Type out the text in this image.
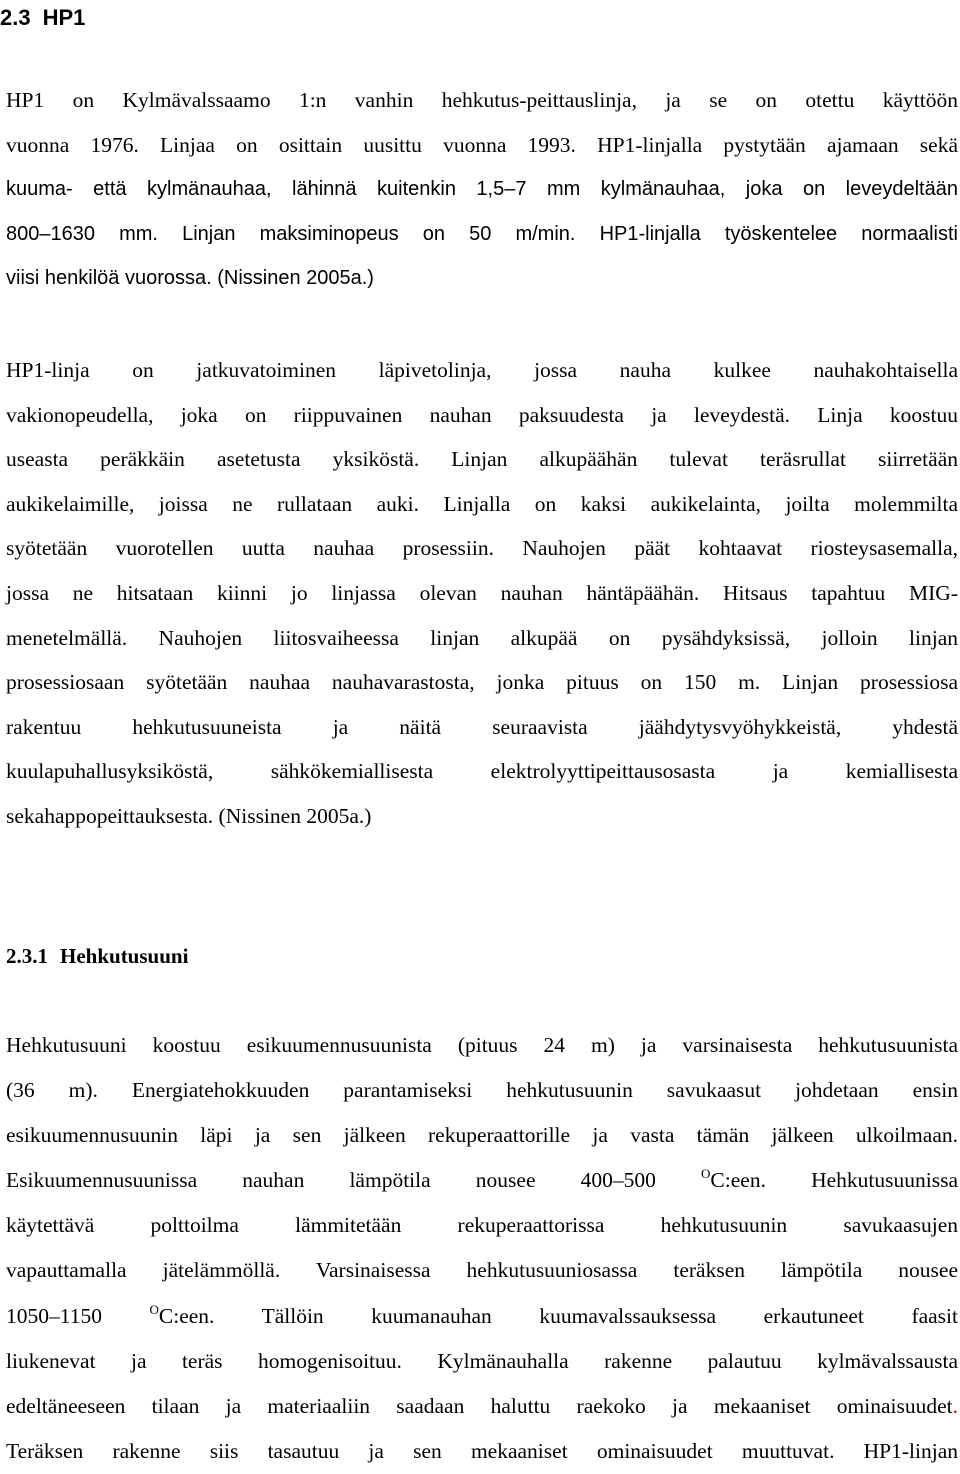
2.3 HP1
HP1 on Kylmävalssaamo 1:n vanhin hehkutus-peittauslinja, ja se on otettu käyttöön
vuonna 1976. Linjaa on osittain uusittu vuonna 1993. HP1-linjalla pystytään ajamaan sekä
kuuma- että kylmänauhaa, lähinnä kuitenkin 1,5‒7 mm kylmänauhaa, joka on leveydeltään
800‒1630 mm. Linjan maksiminopeus on 50 m/min. HP1-linjalla työskentelee normaalisti
viisi henkilöä vuorossa. (Nissinen 2005a.)
HP1-linja on jatkuvatoiminen läpivetolinja, jossa nauha kulkee nauhakohtaisella
vakionopeudella, joka on riippuvainen nauhan paksuudesta ja leveydestä. Linja koostuu
useasta peräkkäin asetetusta yksiköstä. Linjan alkupäähän tulevat teräsrullat siirretään
aukikelaimille, joissa ne rullataan auki. Linjalla on kaksi aukikelainta, joilta molemmilta
syötetään vuorotellen uutta nauhaa prosessiin. Nauhojen päät kohtaavat riosteysasemalla,
jossa ne hitsataan kiinni jo linjassa olevan nauhan häntäpäähän. Hitsaus tapahtuu MIG-
menetelmällä. Nauhojen liitosvaiheessa linjan alkupää on pysähdyksissä, jolloin linjan
prosessiosaan syötetään nauhaa nauhavarastosta, jonka pituus on 150 m. Linjan prosessiosa
rakentuu hehkutusuuneista ja näitä seuraavista jäähdytysvyöhykkeistä, yhdestä
kuulapuhallusyksiköstä, sähkökemiallisesta elektrolyyttipeittausosasta ja kemiallisesta
sekahappopeittauksesta. (Nissinen 2005a.)
2.3.1 Hehkutusuuni
Hehkutusuuni koostuu esikuumennusuunista (pituus 24 m) ja varsinaisesta hehkutusuunista
(36 m). Energiatehokkuuden parantamiseksi hehkutusuunin savukaasut johdetaan ensin
esikuumennusuunin läpi ja sen jälkeen rekuperaattorille ja vasta tämän jälkeen ulkoilmaan.
Esikuumennusuunissa nauhan lämpötila nousee 400‒500	$^O$C:een. Hehkutusuunissa
käytettävä polttoilma lämmitetään rekuperaattorissa hehkutusuunin savukaasujen
vapauttamalla jätelämmöllä. Varsinaisessa hehkutusuuniosassa teräksen lämpötila nousee
1050‒1150	$^O$C:een. Tällöin kuumanauhan kuumavalssauksessa erkautuneet faasit
liukenevat ja teräs homogenisoituu. Kylmänauhalla rakenne palautuu kylmävalssausta
edeltäneeseen tilaan ja materiaaliin saadaan haluttu raekoko ja mekaaniset ominaisuudet.
Teräksen rakenne siis tasautuu ja sen mekaaniset ominaisuudet muuttuvat. HP1-linjan
